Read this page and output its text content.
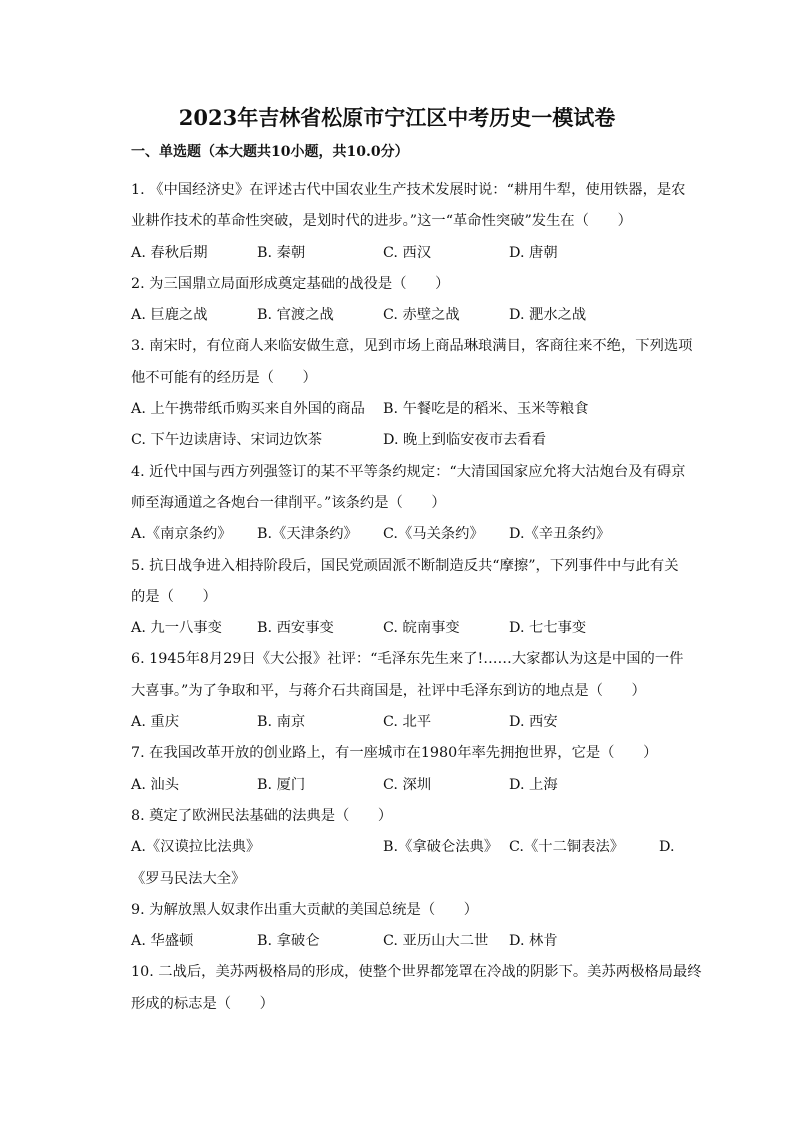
2023年吉林省松原市宁江区中考历史一模试卷
一、单选题（本大题共10小题，共10.0分）
1. 《中国经济史》在评述古代中国农业生产技术发展时说：“耕用牛犁，使用铁器，是农
业耕作技术的革命性突破，是划时代的进步。”这一“革命性突破”发生在（　　）
A. 春秋后期	B. 秦朝	C. 西汉	D. 唐朝
2. 为三国鼎立局面形成奠定基础的战役是（　　）
A. 巨鹿之战	B. 官渡之战	C. 赤壁之战	D. 淝水之战
3. 南宋时，有位商人来临安做生意，见到市场上商品琳琅满目，客商往来不绝，下列选项
他不可能有的经历是（　　）
A. 上午携带纸币购买来自外国的商品	B. 午餐吃是的稻米、玉米等粮食
C. 下午边读唐诗、宋词边饮茶	D. 晚上到临安夜市去看看
4. 近代中国与西方列强签订的某不平等条约规定：“大清国国家应允将大沽炮台及有碍京
师至海通道之各炮台一律削平。”该条约是（　　）
A.《南京条约》	B.《天津条约》	C.《马关条约》	D.《辛丑条约》
5. 抗日战争进入相持阶段后，国民党顽固派不断制造反共“摩擦”，下列事件中与此有关
的是（　　）
A. 九一八事变	B. 西安事变	C. 皖南事变	D. 七七事变
6. 1945年8月29日《大公报》社评：“毛泽东先生来了!……大家都认为这是中国的一件
大喜事。”为了争取和平，与蒋介石共商国是，社评中毛泽东到访的地点是（　　）
A. 重庆	B. 南京	C. 北平	D. 西安
7. 在我国改革开放的创业路上，有一座城市在1980年率先拥抱世界，它是（　　）
A. 汕头	B. 厦门	C. 深圳	D. 上海
8. 奠定了欧洲民法基础的法典是（　　）
A.《汉谟拉比法典》	B.《拿破仑法典》 C.《十二铜表法》	D.
《罗马民法大全》
9. 为解放黑人奴隶作出重大贡献的美国总统是（　　）
A. 华盛顿	B. 拿破仑	C. 亚历山大二世	D. 林肯
10. 二战后，美苏两极格局的形成，使整个世界都笼罩在冷战的阴影下。美苏两极格局最终
形成的标志是（　　）
